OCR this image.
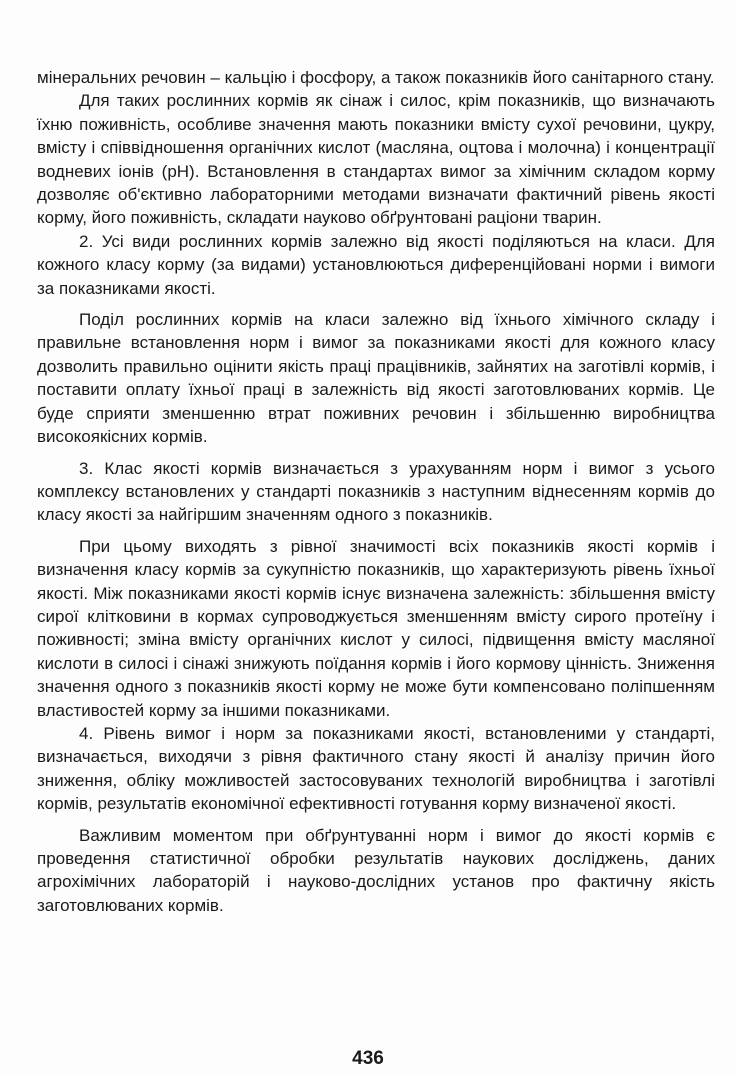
мінеральних речовин – кальцію і фосфору, а також показників його санітарного стану.

Для таких рослинних кормів як сінаж і силос, крім показників, що визначають їхню поживність, особливе значення мають показники вмісту сухої речовини, цукру, вмісту і співвідношення органічних кислот (масляна, оцтова і молочна) і концентрації водневих іонів (pH). Встановлення в стандартах вимог за хімічним складом корму дозволяє об'єктивно лабораторними методами визначати фактичний рівень якості корму, його поживність, складати науково обґрунтовані раціони тварин.

2. Усі види рослинних кормів залежно від якості поділяються на класи. Для кожного класу корму (за видами) установлюються диференційовані норми і вимоги за показниками якості.

Поділ рослинних кормів на класи залежно від їхнього хімічного складу і правильне встановлення норм і вимог за показниками якості для кожного класу дозволить правильно оцінити якість праці працівників, зайнятих на заготівлі кормів, і поставити оплату їхньої праці в залежність від якості заготовлюваних кормів. Це буде сприяти зменшенню втрат поживних речовин і збільшенню виробництва високоякісних кормів.

3. Клас якості кормів визначається з урахуванням норм і вимог з усього комплексу встановлених у стандарті показників з наступним віднесенням кормів до класу якості за найгіршим значенням одного з показників.

При цьому виходять з рівної значимості всіх показників якості кормів і визначення класу кормів за сукупністю показників, що характеризують рівень їхньої якості. Між показниками якості кормів існує визначена залежність: збільшення вмісту сирої клітковини в кормах супроводжується зменшенням вмісту сирого протеїну і поживності; зміна вмісту органічних кислот у силосі, підвищення вмісту масляної кислоти в силосі і сінажі знижують поїдання кормів і його кормову цінність. Зниження значення одного з показників якості корму не може бути компенсовано поліпшенням властивостей корму за іншими показниками.

4. Рівень вимог і норм за показниками якості, встановленими у стандарті, визначається, виходячи з рівня фактичного стану якості й аналізу причин його зниження, обліку можливостей застосовуваних технологій виробництва і заготівлі кормів, результатів економічної ефективності готування корму визначеної якості.

Важливим моментом при обґрунтуванні норм і вимог до якості кормів є проведення статистичної обробки результатів наукових досліджень, даних агрохімічних лабораторій і науково-дослідних установ про фактичну якість заготовлюваних кормів.

436
